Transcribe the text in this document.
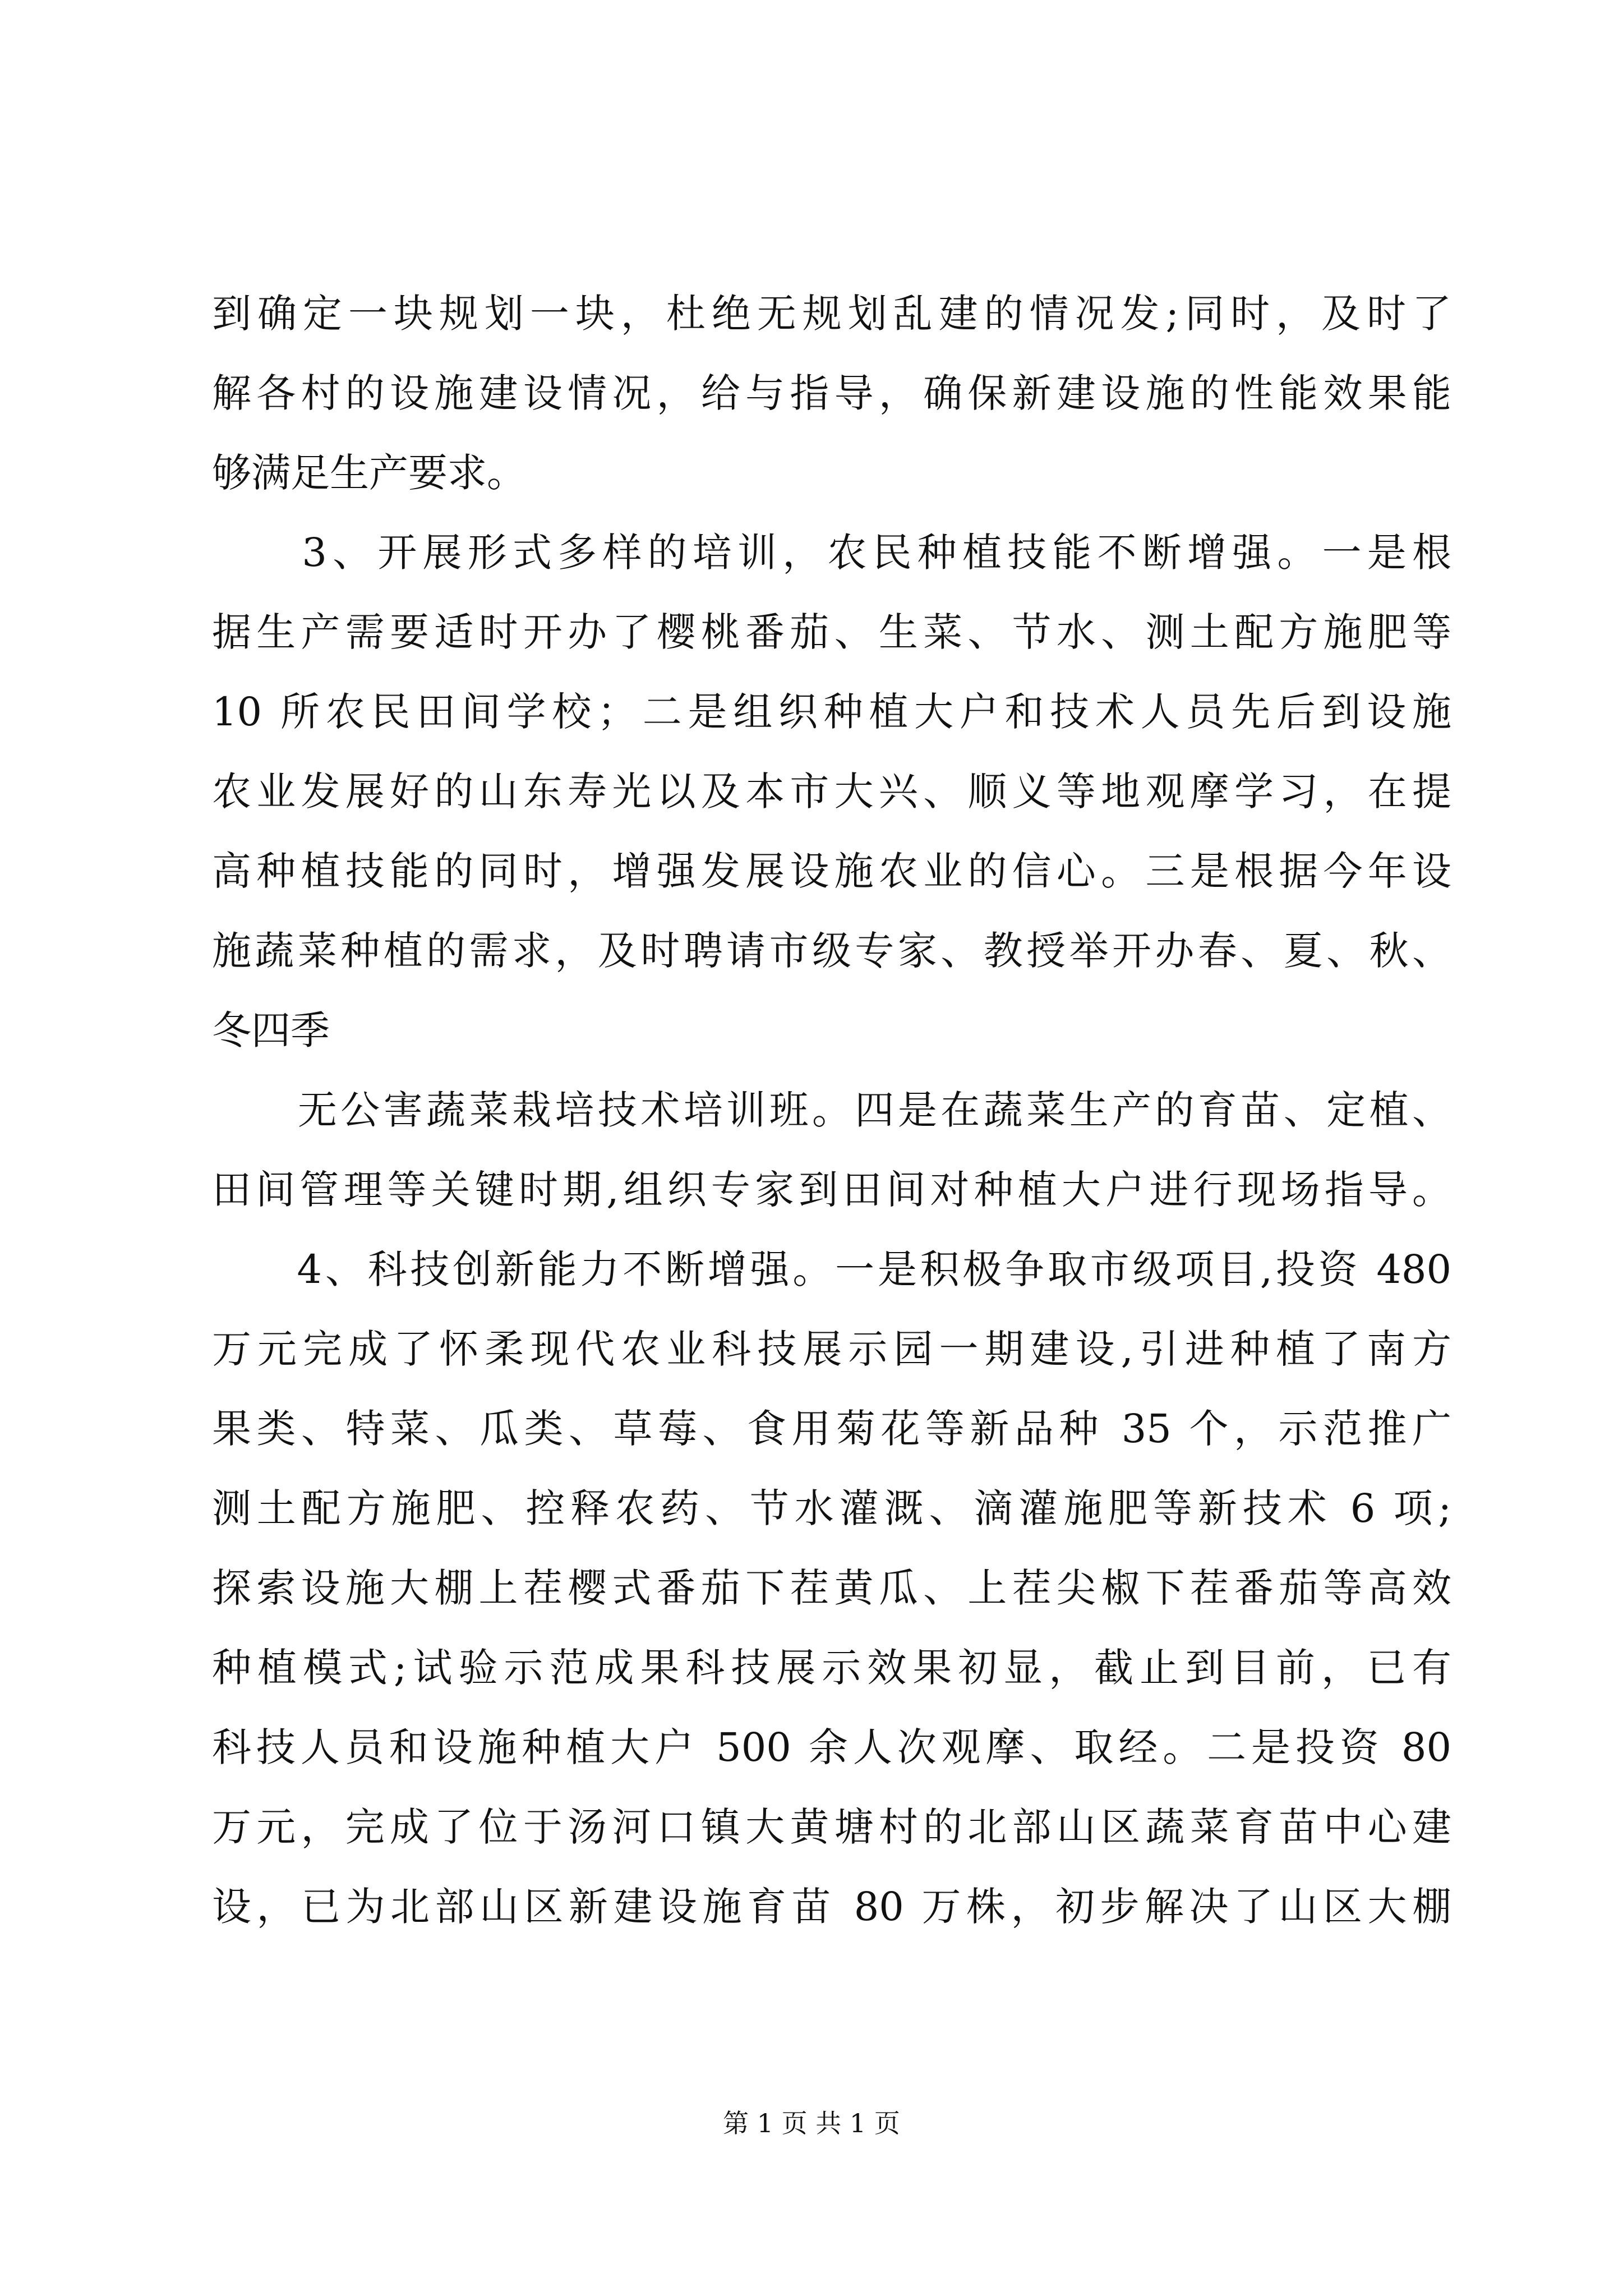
到确定一块规划一块，杜绝无规划乱建的情况发;同时，及时了
解各村的设施建设情况，给与指导，确保新建设施的性能效果能
够满足生产要求。
　　3、开展形式多样的培训，农民种植技能不断增强。一是根
据生产需要适时开办了樱桃番茄、生菜、节水、测土配方施肥等
10 所农民田间学校；二是组织种植大户和技术人员先后到设施
农业发展好的山东寿光以及本市大兴、顺义等地观摩学习，在提
高种植技能的同时，增强发展设施农业的信心。三是根据今年设
施蔬菜种植的需求，及时聘请市级专家、教授举开办春、夏、秋、
冬四季
　　无公害蔬菜栽培技术培训班。四是在蔬菜生产的育苗、定植、
田间管理等关键时期,组织专家到田间对种植大户进行现场指导。
　　4、科技创新能力不断增强。一是积极争取市级项目,投资 480
万元完成了怀柔现代农业科技展示园一期建设,引进种植了南方
果类、特菜、瓜类、草莓、食用菊花等新品种 35 个，示范推广
测土配方施肥、控释农药、节水灌溉、滴灌施肥等新技术 6 项;
探索设施大棚上茬樱式番茄下茬黄瓜、上茬尖椒下茬番茄等高效
种植模式;试验示范成果科技展示效果初显，截止到目前，已有
科技人员和设施种植大户 500 余人次观摩、取经。二是投资 80
万元，完成了位于汤河口镇大黄塘村的北部山区蔬菜育苗中心建
设，已为北部山区新建设施育苗 80 万株，初步解决了山区大棚
第 1 页 共 1 页
